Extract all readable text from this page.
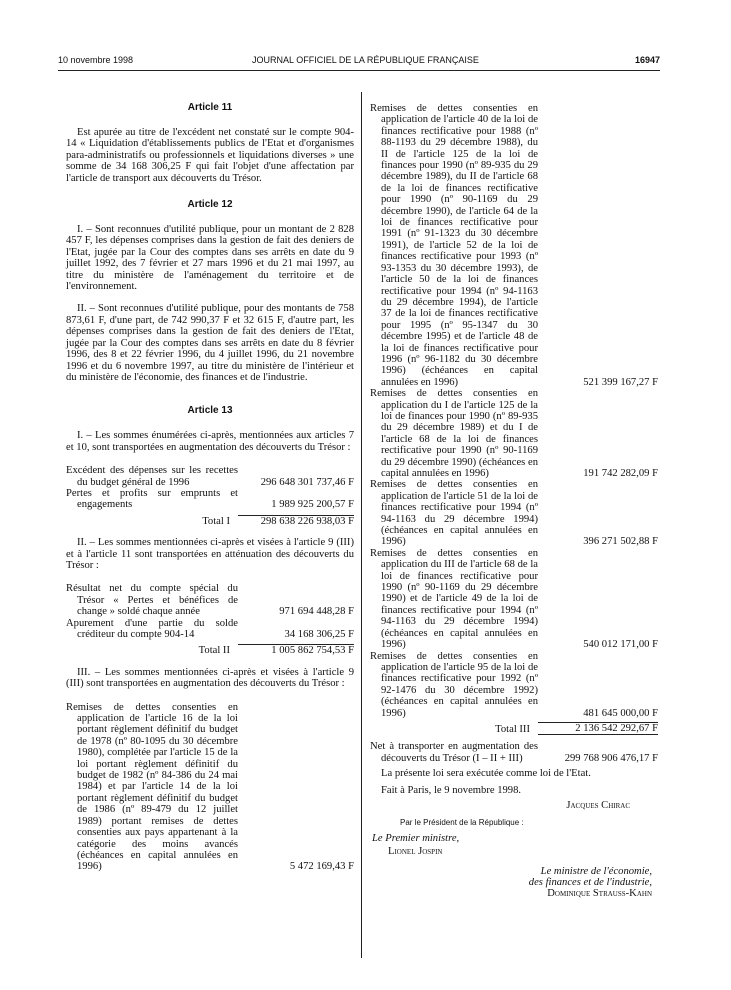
10 novembre 1998	JOURNAL OFFICIEL DE LA RÉPUBLIQUE FRANÇAISE	16947
Article 11
Est apurée au titre de l'excédent net constaté sur le compte 904-14 « Liquidation d'établissements publics de l'Etat et d'organismes para-administratifs ou professionnels et liquidations diverses » une somme de 34 168 306,25 F qui fait l'objet d'une affectation par l'article de transport aux découverts du Trésor.
Article 12
I. – Sont reconnues d'utilité publique, pour un montant de 2 828 457 F, les dépenses comprises dans la gestion de fait des deniers de l'Etat, jugée par la Cour des comptes dans ses arrêts en date du 9 juillet 1992, des 7 février et 27 mars 1996 et du 21 mai 1997, au titre du ministère de l'aménagement du territoire et de l'environnement.
II. – Sont reconnues d'utilité publique, pour des montants de 758 873,61 F, d'une part, de 742 990,37 F et 32 615 F, d'autre part, les dépenses comprises dans la gestion de fait des deniers de l'Etat, jugée par la Cour des comptes dans ses arrêts en date du 8 février 1996, des 8 et 22 février 1996, du 4 juillet 1996, du 21 novembre 1996 et du 6 novembre 1997, au titre du ministère de l'intérieur et du ministère de l'économie, des finances et de l'industrie.
Article 13
I. – Les sommes énumérées ci-après, mentionnées aux articles 7 et 10, sont transportées en augmentation des découverts du Trésor :
Excédent des dépenses sur les recettes du budget général de 1996	296 648 301 737,46 F
Pertes et profits sur emprunts et engagements	1 989 925 200,57 F
Total I	298 638 226 938,03 F
II. – Les sommes mentionnées ci-après et visées à l'article 9 (III) et à l'article 11 sont transportées en atténuation des découverts du Trésor :
Résultat net du compte spécial du Trésor « Pertes et bénéfices de change » soldé chaque année	971 694 448,28 F
Apurement d'une partie du solde créditeur du compte 904-14	34 168 306,25 F
Total II	1 005 862 754,53 F
III. – Les sommes mentionnées ci-après et visées à l'article 9 (III) sont transportées en augmentation des découverts du Trésor :
Remises de dettes consenties en application de l'article 16 de la loi portant règlement définitif du budget de 1978 (nº 80-1095 du 30 décembre 1980), complétée par l'article 15 de la loi portant règlement définitif du budget de 1982 (nº 84-386 du 24 mai 1984) et par l'article 14 de la loi portant règlement définitif du budget de 1986 (nº 89-479 du 12 juillet 1989) portant remises de dettes consenties aux pays appartenant à la catégorie des moins avancés (échéances en capital annulées en 1996)	5 472 169,43 F
Remises de dettes consenties en application de l'article 40 de la loi de finances rectificative pour 1988 (nº 88-1193 du 29 décembre 1988), du II de l'article 125 de la loi de finances pour 1990 (nº 89-935 du 29 décembre 1989), du II de l'article 68 de la loi de finances rectificative pour 1990 (nº 90-1169 du 29 décembre 1990), de l'article 64 de la loi de finances rectificative pour 1991 (nº 91-1323 du 30 décembre 1991), de l'article 52 de la loi de finances rectificative pour 1993 (nº 93-1353 du 30 décembre 1993), de l'article 50 de la loi de finances rectificative pour 1994 (nº 94-1163 du 29 décembre 1994), de l'article 37 de la loi de finances rectificative pour 1995 (nº 95-1347 du 30 décembre 1995) et de l'article 48 de la loi de finances rectificative pour 1996 (nº 96-1182 du 30 décembre 1996) (échéances en capital annulées en 1996)	521 399 167,27 F
Remises de dettes consenties en application du I de l'article 125 de la loi de finances pour 1990 (nº 89-935 du 29 décembre 1989) et du I de l'article 68 de la loi de finances rectificative pour 1990 (nº 90-1169 du 29 décembre 1990) (échéances en capital annulées en 1996)	191 742 282,09 F
Remises de dettes consenties en application de l'article 51 de la loi de finances rectificative pour 1994 (nº 94-1163 du 29 décembre 1994) (échéances en capital annulées en 1996)	396 271 502,88 F
Remises de dettes consenties en application du III de l'article 68 de la loi de finances rectificative pour 1990 (nº 90-1169 du 29 décembre 1990) et de l'article 49 de la loi de finances rectificative pour 1994 (nº 94-1163 du 29 décembre 1994) (échéances en capital annulées en 1996)	540 012 171,00 F
Remises de dettes consenties en application de l'article 95 de la loi de finances rectificative pour 1992 (nº 92-1476 du 30 décembre 1992) (échéances en capital annulées en 1996)	481 645 000,00 F
Total III	2 136 542 292,67 F
Net à transporter en augmentation des découverts du Trésor (I – II + III)	299 768 906 476,17 F
La présente loi sera exécutée comme loi de l'Etat.
Fait à Paris, le 9 novembre 1998.
Jacques Chirac
Par le Président de la République :
Le Premier ministre,
Lionel Jospin
Le ministre de l'économie,
des finances et de l'industrie,
Dominique Strauss-Kahn
